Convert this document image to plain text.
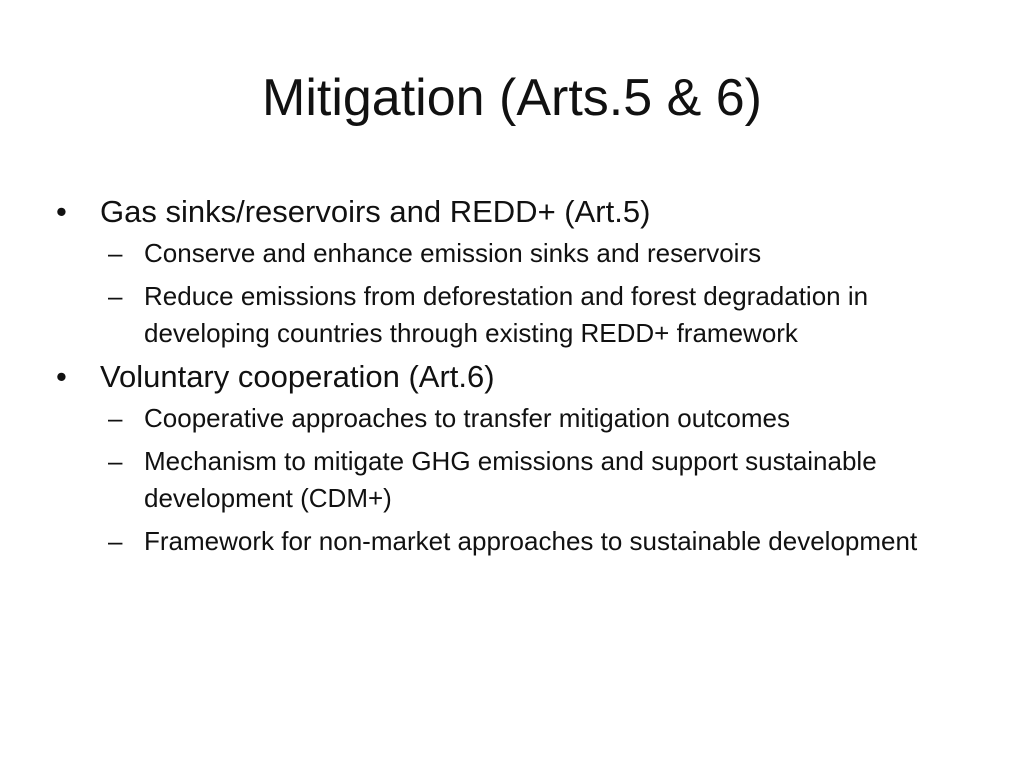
Mitigation (Arts.5 & 6)
•	Gas sinks/reservoirs and REDD+ (Art.5)
– Conserve and enhance emission sinks and reservoirs
– Reduce emissions from deforestation and forest degradation in developing countries through existing REDD+ framework
•	Voluntary cooperation (Art.6)
– Cooperative approaches to transfer mitigation outcomes
– Mechanism to mitigate GHG emissions and support sustainable development (CDM+)
– Framework for non-market approaches to sustainable development
